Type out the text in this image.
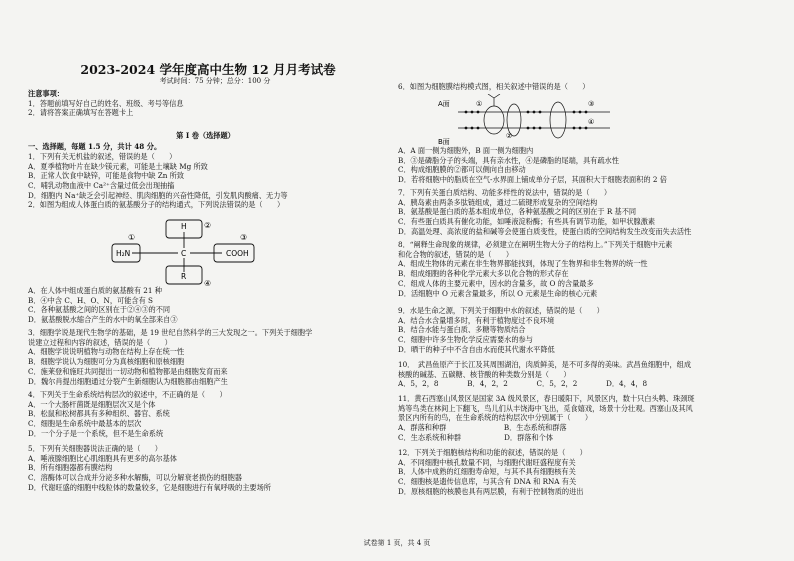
2023-2024 学年度高中生物 12 月月考试卷
考试时间：75 分钟；总分：100 分
注意事项：
1．答题前填写好自己的姓名、班级、考号等信息
2．请将答案正确填写在答题卡上
第 I 卷（选择题）
一、选择题，每题 1.5 分，共计 48 分。
1．下列有关无机盐的叙述，错误的是（　　）
A．夏季植物叶片在缺少镁元素，可能是土壤缺 Mg 所致
B．正常人饮食中缺锌，可能是食物中缺 Zn 所致
C．哺乳动物血液中 Ca²⁺含量过低会出现抽搐
D．细胞内 Na⁺缺乏会引起神经、肌肉细胞的兴奋性降低，引发肌肉酸痛、无力等
2．如图为组成人体蛋白质的氨基酸分子的结构通式，下列说法错误的是（　　）
①
②
③
④
H₂N	COOH
H
C
R
A．在人体中组成蛋白质的氨基酸有 21 种
B．④中含 C、H、O、N，可能含有 S
C．各种氨基酸之间的区别在于②④③的不同
D．氨基酸脱水缩合产生的水中的氧全部来自③
3．细胞学说是现代生物学的基础，是 19 世纪自然科学的三大发现之一。下列关于细胞学
说建立过程和内容的叙述，错误的是（　　）
A．细胞学说说明植物与动物在结构上存在统一性
B．细胞学说认为细胞可分为真核细胞和原核细胞
C．施莱登和施旺共同提出一切动物和植物都是由细胞发育而来
D．魏尔肖提出细胞通过分裂产生新细胞认为细胞都由细胞产生
4．下列关于生命系统结构层次的叙述中，不正确的是（　　）
A．一个大肠杆菌既是细胞层次又是个体
B．松鼠和松树都具有多种组织、器官、系统
C．细胞是生命系统中最基本的层次
D．一个分子是一个系统，但不是生命系统
5．下列有关细胞器说法正确的是（　　）
A．唾液腺细胞比心肌细胞具有更多的高尔基体
B．所有细胞器都有膜结构
C．溶酶体可以合成并分泌多种水解酶，可以分解衰老损伤的细胞器
D．代谢旺盛的细胞中线粒体的数量较多，它是细胞进行有氧呼吸的主要场所
6．如图为细胞膜结构模式图，相关叙述中错误的是（　　）
A面
B面
①
②
③
④
A．A 面一侧为细胞外，B 面一侧为细胞内
B．③是磷脂分子的头端，具有亲水性，④是磷脂的尾端，具有疏水性
C．构成细胞膜的②都可以侧向自由移动
D．若将细胞中的脂质在空气-水界面上铺成单分子层，其面积大于细胞表面积的 2 倍
7．下列有关蛋白质结构、功能多样性的说法中，错误的是（　　）
A．胰岛素由两条多肽链组成，通过二硫键形成复杂的空间结构
B．氨基酸是蛋白质的基本组成单位，各种氨基酸之间的区别在于 R 基不同
C．有些蛋白质具有催化功能，如唾液淀粉酶；有些具有调节功能，如甲状腺激素
D．高温处理、高浓度的盐和碱等会使蛋白质变性，使蛋白质的空间结构发生改变而失去活性
8．“阐释生命现象的规律，必须建立在阐明生物大分子的结构上。”下列关于细胞中元素
和化合物的叙述，错误的是（　　）
A．组成生物体的元素在非生物界都能找到，体现了生物界和非生物界的统一性
B．组成细胞的各种化学元素大多以化合物的形式存在
C．组成人体的主要元素中，因水的含量多，故 O 的含量最多
D．活细胞中 O 元素含量最多，所以 O 元素是生命的核心元素
9．水是生命之源，下列关于细胞中水的叙述，错误的是（　　）
A．结合水含量增多时，有利于植物度过不良环境
B．结合水能与蛋白质、多糖等物质结合
C．细胞中许多生物化学反应需要水的参与
D．晒干的种子中不含自由水而使其代谢水平降低
10．　武昌鱼原产于长江及其周围湖泊，肉质鲜美，是不可多得的美味。武昌鱼细胞中，组成
核酸的碱基、五碳糖、核苷酸的种类数分别是（　　）
A．5，2，8　　　　B．4，2，2　　　　C．5，2，2　　　　D．4，4，8
11．黄石西塞山风景区是国家 3A 级风景区，春日暖阳下，风景区内，数十只白头鹎、珠颈斑
鸠等鸟类在林间上下翻飞，鸟儿们从丰饶海中飞出，觅食嬉戏，场景十分壮观。西塞山及其风
景区内所有的鸟，在生命系统的结构层次中分别属于（　　）
A．群落和种群　　　　　　　　B．生态系统和群落
C．生态系统和种群　　　　　　D．群落和个体
12．下列关于细胞核结构和功能的叙述，错误的是（　　）
A．不同细胞中核孔数量不同，与细胞代谢旺盛程度有关
B．人体中成熟的红细胞寿命短，与其不具有细胞核有关
C．细胞核是遗传信息库，与其含有 DNA 和 RNA 有关
D．原核细胞的核膜也具有两层膜，有利于控制物质的进出
试卷第 1 页，共 4 页
